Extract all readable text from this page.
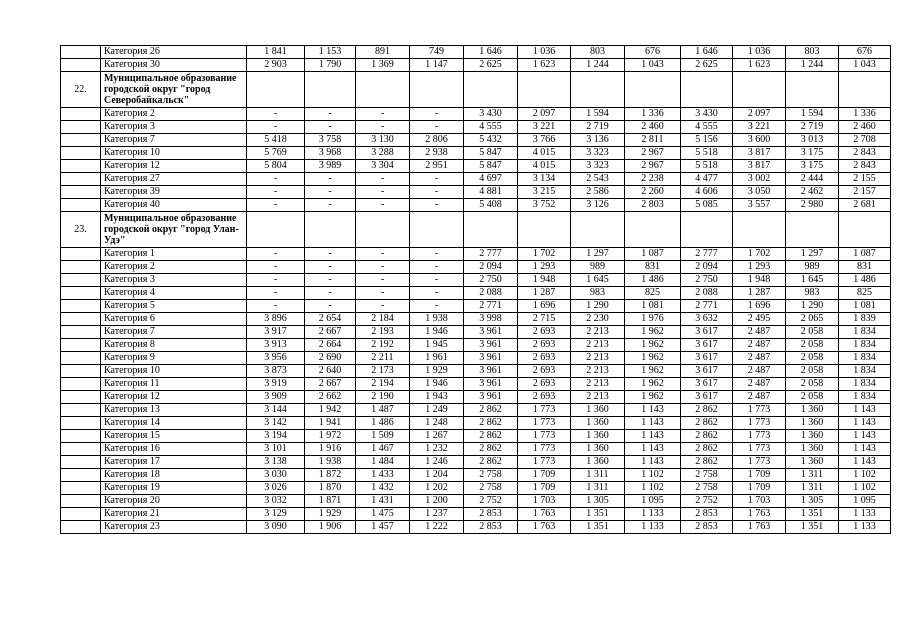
	Категория 26	1 841	1 153	891	749	1 646	1 036	803	676	1 646	1 036	803	676
	Категория 30	2 903	1 790	1 369	1 147	2 625	1 623	1 244	1 043	2 625	1 623	1 244	1 043
22.	Муниципальное образование городской округ "город Северобайкальск"												
	Категория 2	-	-	-	-	3 430	2 097	1 594	1 336	3 430	2 097	1 594	1 336
	Категория 3	-	-	-	-	4 555	3 221	2 719	2 460	4 555	3 221	2 719	2 460
	Категория 7	5 418	3 758	3 130	2 806	5 432	3 766	3 136	2 811	5 156	3 600	3 013	2 708
	Категория 10	5 769	3 968	3 288	2 938	5 847	4 015	3 323	2 967	5 518	3 817	3 175	2 843
	Категория 12	5 804	3 989	3 304	2 951	5 847	4 015	3 323	2 967	5 518	3 817	3 175	2 843
	Категория 27	-	-	-	-	4 697	3 134	2 543	2 238	4 477	3 002	2 444	2 155
	Категория 39	-	-	-	-	4 881	3 215	2 586	2 260	4 606	3 050	2 462	2 157
	Категория 40	-	-	-	-	5 408	3 752	3 126	2 803	5 085	3 557	2 980	2 681
23.	Муниципальное образование городской округ "город Улан-Удэ"												
	Категория 1	-	-	-	-	2 777	1 702	1 297	1 087	2 777	1 702	1 297	1 087
	Категория 2	-	-	-	-	2 094	1 293	989	831	2 094	1 293	989	831
	Категория 3	-	-	-	-	2 750	1 948	1 645	1 486	2 750	1 948	1 645	1 486
	Категория 4	-	-	-	-	2 088	1 287	983	825	2 088	1 287	983	825
	Категория 5	-	-	-	-	2 771	1 696	1 290	1 081	2 771	1 696	1 290	1 081
	Категория 6	3 896	2 654	2 184	1 938	3 998	2 715	2 230	1 976	3 632	2 495	2 065	1 839
	Категория 7	3 917	2 667	2 193	1 946	3 961	2 693	2 213	1 962	3 617	2 487	2 058	1 834
	Категория 8	3 913	2 664	2 192	1 945	3 961	2 693	2 213	1 962	3 617	2 487	2 058	1 834
	Категория 9	3 956	2 690	2 211	1 961	3 961	2 693	2 213	1 962	3 617	2 487	2 058	1 834
	Категория 10	3 873	2 640	2 173	1 929	3 961	2 693	2 213	1 962	3 617	2 487	2 058	1 834
	Категория 11	3 919	2 667	2 194	1 946	3 961	2 693	2 213	1 962	3 617	2 487	2 058	1 834
	Категория 12	3 909	2 662	2 190	1 943	3 961	2 693	2 213	1 962	3 617	2 487	2 058	1 834
	Категория 13	3 144	1 942	1 487	1 249	2 862	1 773	1 360	1 143	2 862	1 773	1 360	1 143
	Категория 14	3 142	1 941	1 486	1 248	2 862	1 773	1 360	1 143	2 862	1 773	1 360	1 143
	Категория 15	3 194	1 972	1 509	1 267	2 862	1 773	1 360	1 143	2 862	1 773	1 360	1 143
	Категория 16	3 101	1 916	1 467	1 232	2 862	1 773	1 360	1 143	2 862	1 773	1 360	1 143
	Категория 17	3 138	1 938	1 484	1 246	2 862	1 773	1 360	1 143	2 862	1 773	1 360	1 143
	Категория 18	3 030	1 872	1 433	1 204	2 758	1 709	1 311	1 102	2 758	1 709	1 311	1 102
	Категория 19	3 026	1 870	1 432	1 202	2 758	1 709	1 311	1 102	2 758	1 709	1 311	1 102
	Категория 20	3 032	1 871	1 431	1 200	2 752	1 703	1 305	1 095	2 752	1 703	1 305	1 095
	Категория 21	3 129	1 929	1 475	1 237	2 853	1 763	1 351	1 133	2 853	1 763	1 351	1 133
	Категория 23	3 090	1 906	1 457	1 222	2 853	1 763	1 351	1 133	2 853	1 763	1 351	1 133
